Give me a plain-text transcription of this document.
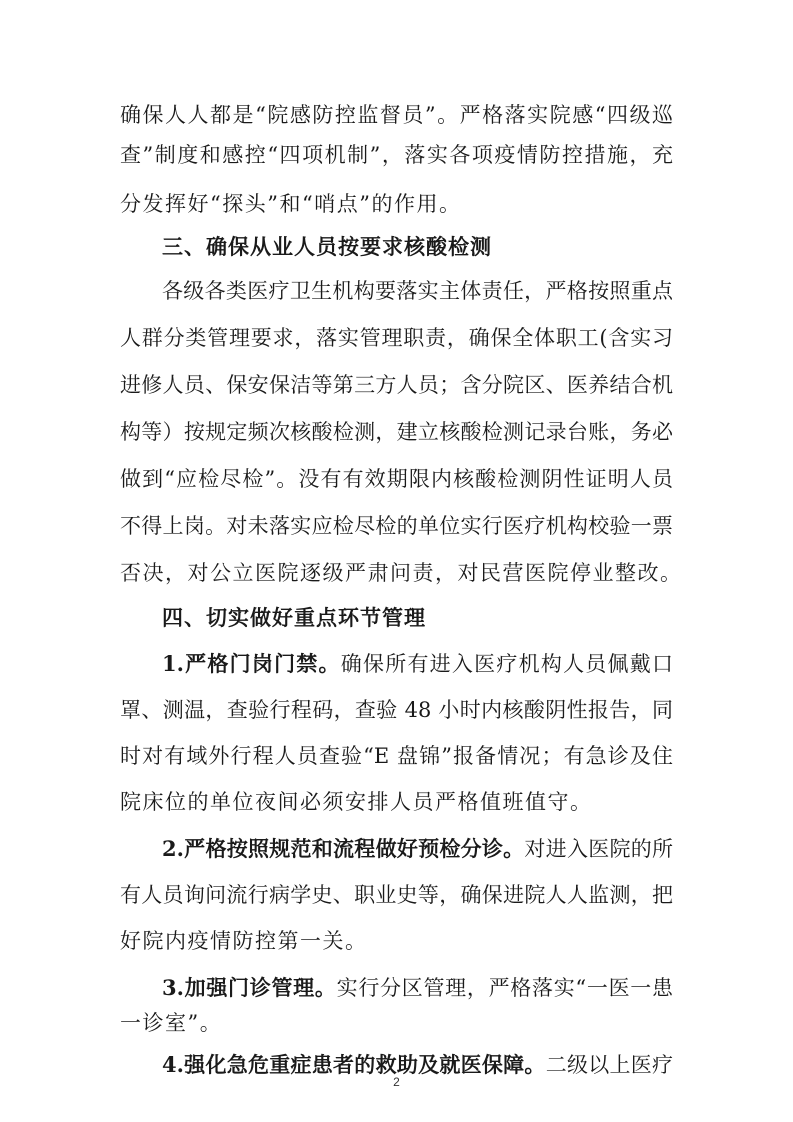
确保人人都是“院感防控监督员”。严格落实院感“四级巡
查”制度和感控“四项机制”，落实各项疫情防控措施，充
分发挥好“探头”和“哨点”的作用。
三、确保从业人员按要求核酸检测
各级各类医疗卫生机构要落实主体责任，严格按照重点
人群分类管理要求，落实管理职责，确保全体职工(含实习
进修人员、保安保洁等第三方人员；含分院区、医养结合机
构等）按规定频次核酸检测，建立核酸检测记录台账，务必
做到“应检尽检”。没有有效期限内核酸检测阴性证明人员
不得上岗。对未落实应检尽检的单位实行医疗机构校验一票
否决，对公立医院逐级严肃问责，对民营医院停业整改。
四、切实做好重点环节管理
1.严格门岗门禁。确保所有进入医疗机构人员佩戴口
罩、测温，查验行程码，查验 48 小时内核酸阴性报告，同
时对有域外行程人员查验“E 盘锦”报备情况；有急诊及住
院床位的单位夜间必须安排人员严格值班值守。
2.严格按照规范和流程做好预检分诊。对进入医院的所
有人员询问流行病学史、职业史等，确保进院人人监测，把
好院内疫情防控第一关。
3.加强门诊管理。实行分区管理，严格落实“一医一患
2
一诊室”。
4.强化急危重症患者的救助及就医保障。二级以上医疗
